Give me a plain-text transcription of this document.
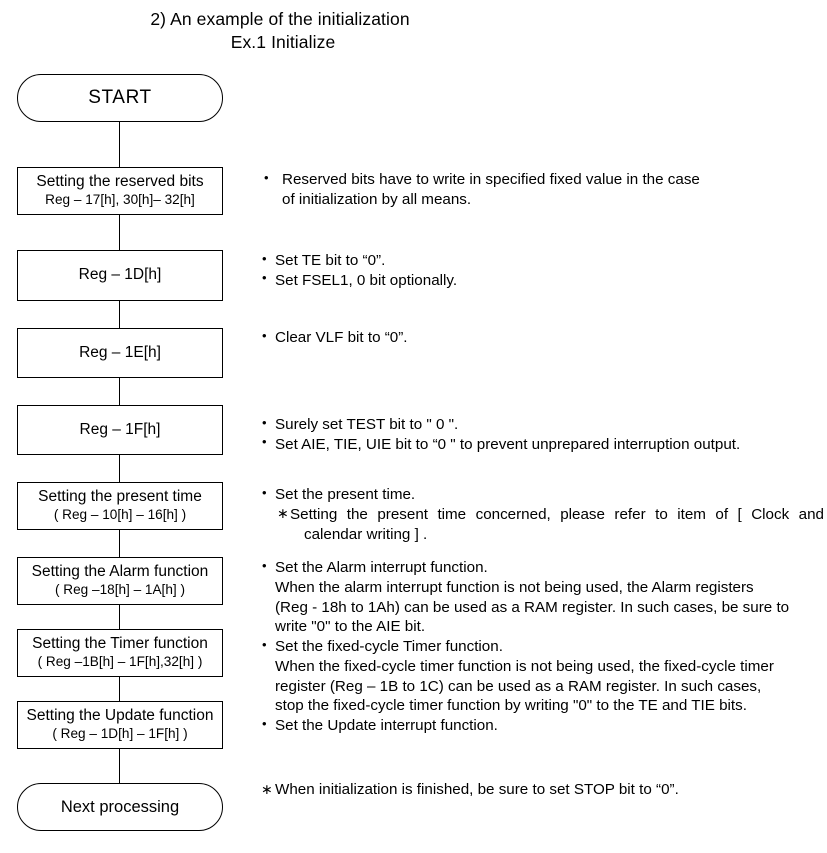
2) An example of the initialization
Ex.1 Initialize
START
Setting the reserved bits
Reg – 17[h], 30[h]– 32[h]
Reg – 1D[h]
Reg – 1E[h]
Reg – 1F[h]
Setting the present time
( Reg – 10[h] – 16[h] )
Setting the Alarm function
( Reg –18[h] – 1A[h] )
Setting the Timer function
( Reg –1B[h] – 1F[h],32[h] )
Setting the Update function
( Reg – 1D[h] – 1F[h] )
Next processing
• Reserved bits have to write in specified fixed value in the case
of initialization by all means.
• Set TE bit to “0”.
• Set FSEL1, 0 bit optionally.
• Clear VLF bit to “0”.
• Surely set TEST bit to " 0 ".
• Set AIE, TIE, UIE bit to “0 " to prevent unprepared interruption output.
• Set the present time.
∗ Setting the present time concerned, please refer to item of [ Clock and
calendar writing ] .
• Set the Alarm interrupt function.
When the alarm interrupt function is not being used, the Alarm registers
(Reg - 18h to 1Ah) can be used as a RAM register. In such cases, be sure to
write "0" to the AIE bit.
• Set the fixed-cycle Timer function.
When the fixed-cycle timer function is not being used, the fixed-cycle timer
register (Reg – 1B to 1C) can be used as a RAM register. In such cases,
stop the fixed-cycle timer function by writing "0" to the TE and TIE bits.
• Set the Update interrupt function.
∗ When initialization is finished, be sure to set STOP bit to “0”.
